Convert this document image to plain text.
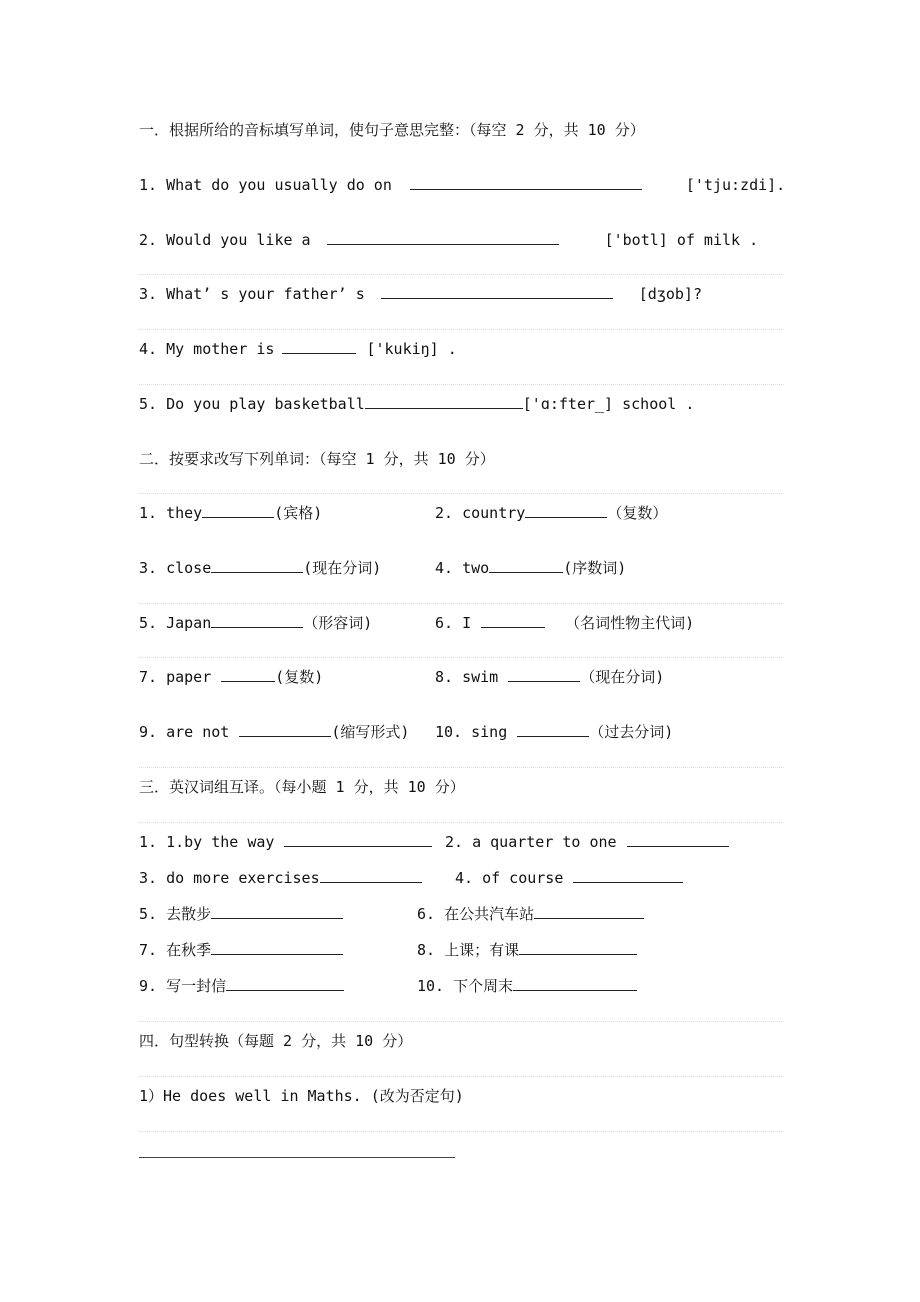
一．根据所给的音标填写单词，使句子意思完整：（每空 2 分，共 10 分）
1. What do you usually do on	['tju:zdi].
2. Would you like a	['botl] of milk .
3. What’ s your father’ s	[dʒob]?
4. My mother is	['kukiŋ] .
5. Do you play basketball	['ɑ:fter_] school .
二．按要求改写下列单词：（每空 1 分，共 10 分）
1. they	(宾格)	2. country	（复数）
3. close	(现在分词)	4. two	(序数词)
5. Japan	（形容词)	6. I	（名词性物主代词)
7. paper	(复数)	8. swim	（现在分词)
9. are not	(缩写形式) 10. sing	（过去分词)
三．英汉词组互译。（每小题 1 分，共 10 分）
1. 1.by the way	2. a quarter to one
3. do more exercises	4. of course
5. 去散步	6. 在公共汽车站
7. 在秋季	8. 上课；有课
9. 写一封信	10. 下个周末
四．句型转换（每题 2 分，共 10 分）
1）He does well in Maths. (改为否定句)
